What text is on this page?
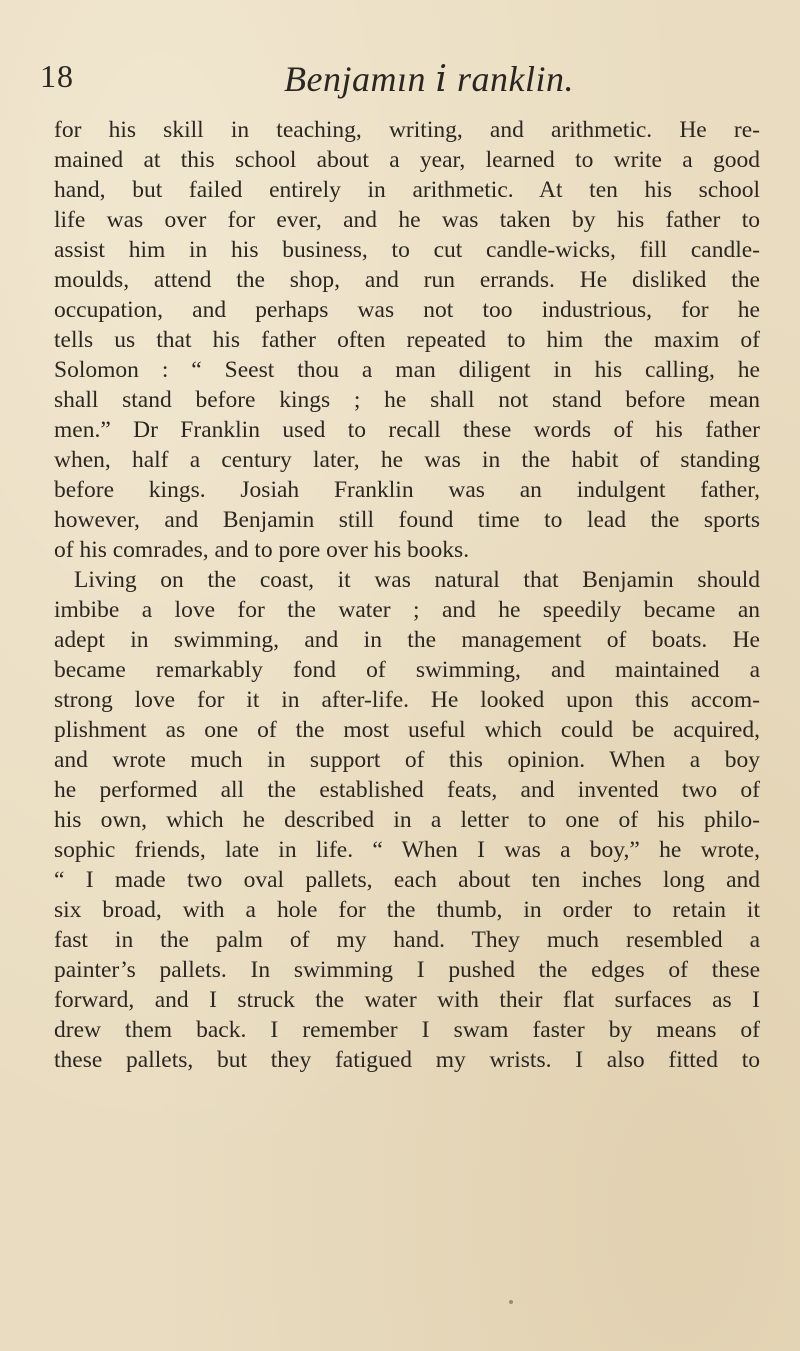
18	Benjamın ⅰ ranklin.
for his skill in teaching, writing, and arithmetic. He re-
mained at this school about a year, learned to write a good
hand, but failed entirely in arithmetic. At ten his school
life was over for ever, and he was taken by his father to
assist him in his business, to cut candle-wicks, fill candle-
moulds, attend the shop, and run errands. He disliked the
occupation, and perhaps was not too industrious, for he
tells us that his father often repeated to him the maxim of
Solomon : “ Seest thou a man diligent in his calling, he
shall stand before kings ; he shall not stand before mean
men.” Dr Franklin used to recall these words of his father
when, half a century later, he was in the habit of standing
before kings. Josiah Franklin was an indulgent father,
however, and Benjamin still found time to lead the sports
of his comrades, and to pore over his books.
Living on the coast, it was natural that Benjamin should
imbibe a love for the water ; and he speedily became an
adept in swimming, and in the management of boats. He
became remarkably fond of swimming, and maintained a
strong love for it in after-life. He looked upon this accom-
plishment as one of the most useful which could be acquired,
and wrote much in support of this opinion. When a boy
he performed all the established feats, and invented two of
his own, which he described in a letter to one of his philo-
sophic friends, late in life. “ When I was a boy,” he wrote,
“ I made two oval pallets, each about ten inches long and
six broad, with a hole for the thumb, in order to retain it
fast in the palm of my hand. They much resembled a
painter’s pallets. In swimming I pushed the edges of these
forward, and I struck the water with their flat surfaces as I
drew them back. I remember I swam faster by means of
these pallets, but they fatigued my wrists. I also fitted to
